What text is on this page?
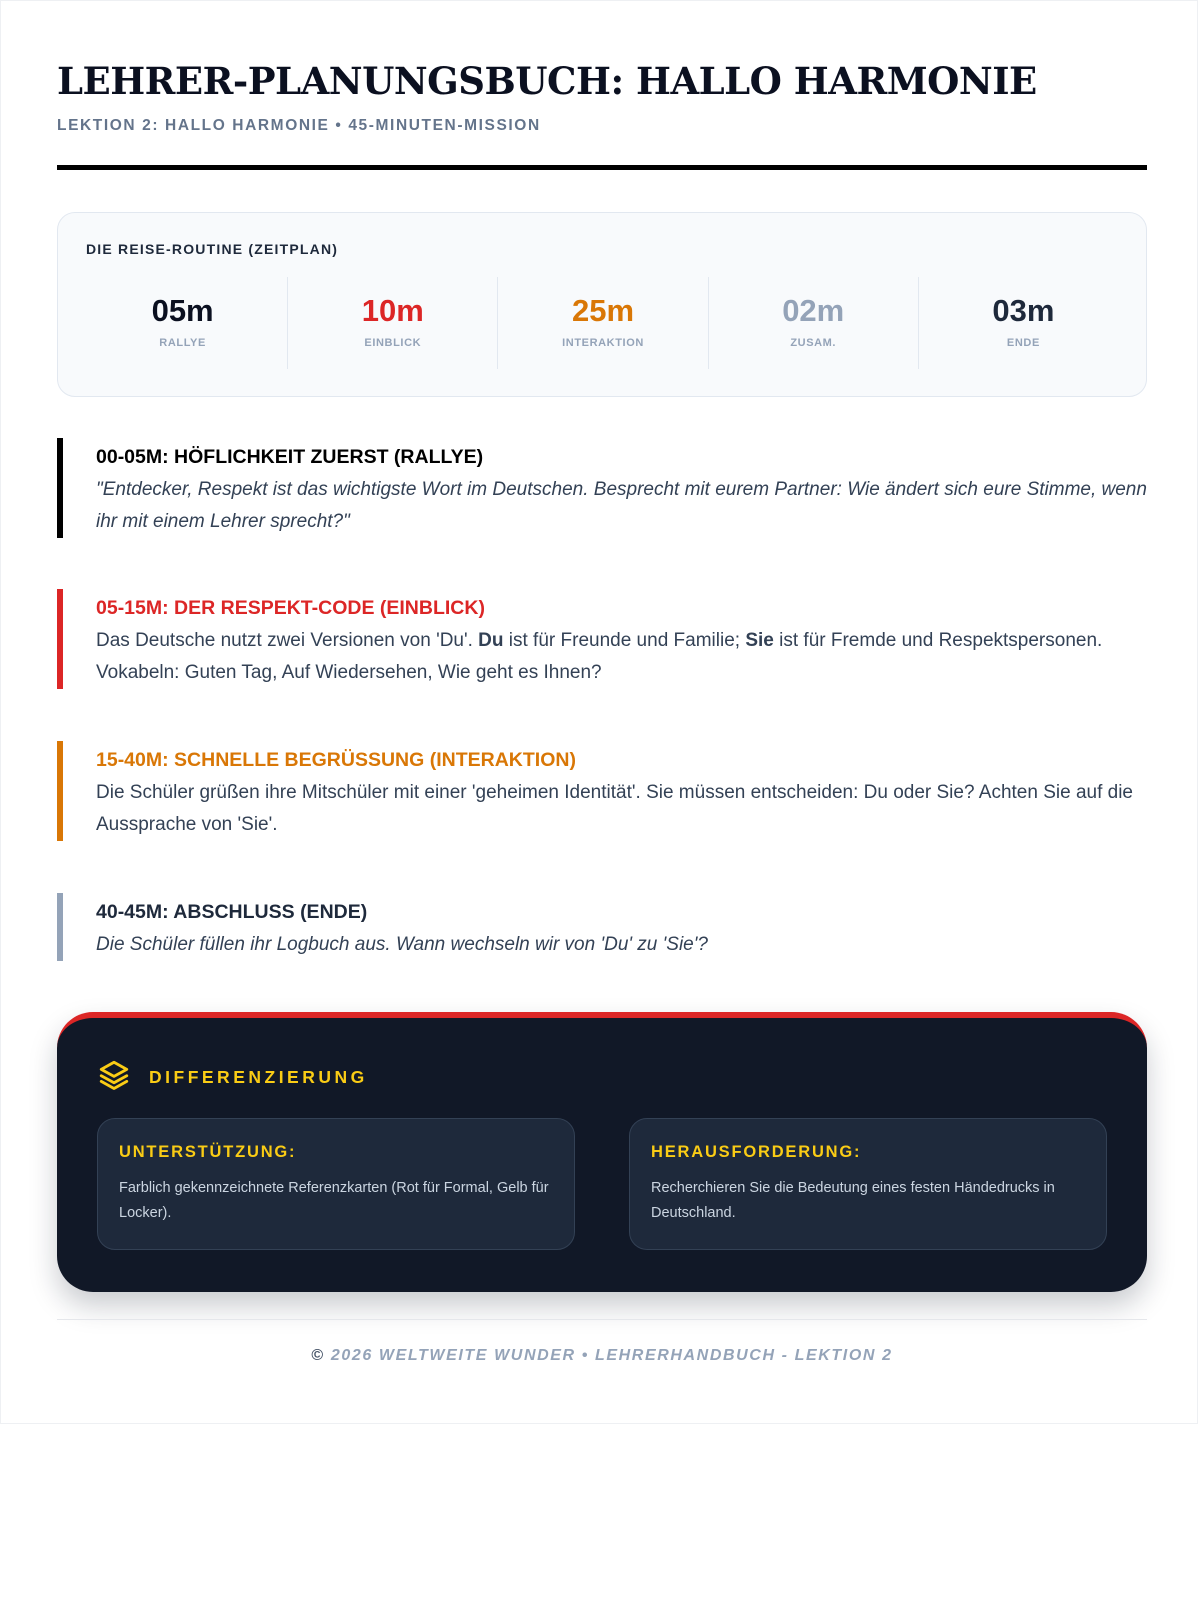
LEHRER-PLANUNGSBUCH: HALLO HARMONIE
LEKTION 2: HALLO HARMONIE • 45-MINUTEN-MISSION
DIE REISE-ROUTINE (ZEITPLAN)
05m
RALLYE
10m
EINBLICK
25m
INTERAKTION
02m
ZUSAM.
03m
ENDE
00-05M: HÖFLICHKEIT ZUERST (RALLYE)
"Entdecker, Respekt ist das wichtigste Wort im Deutschen. Besprecht mit eurem Partner: Wie ändert sich eure Stimme, wenn ihr mit einem Lehrer sprecht?"
05-15M: DER RESPEKT-CODE (EINBLICK)
Das Deutsche nutzt zwei Versionen von 'Du'. Du ist für Freunde und Familie; Sie ist für Fremde und Respektspersonen. Vokabeln: Guten Tag, Auf Wiedersehen, Wie geht es Ihnen?
15-40M: SCHNELLE BEGRÜSSUNG (INTERAKTION)
Die Schüler grüßen ihre Mitschüler mit einer 'geheimen Identität'. Sie müssen entscheiden: Du oder Sie? Achten Sie auf die Aussprache von 'Sie'.
40-45M: ABSCHLUSS (ENDE)
Die Schüler füllen ihr Logbuch aus. Wann wechseln wir von 'Du' zu 'Sie'?
DIFFERENZIERUNG
UNTERSTÜTZUNG:
Farblich gekennzeichnete Referenzkarten (Rot für Formal, Gelb für Locker).
HERAUSFORDERUNG:
Recherchieren Sie die Bedeutung eines festen Händedrucks in Deutschland.
© 2026 WELTWEITE WUNDER • LEHRERHANDBUCH - LEKTION 2
